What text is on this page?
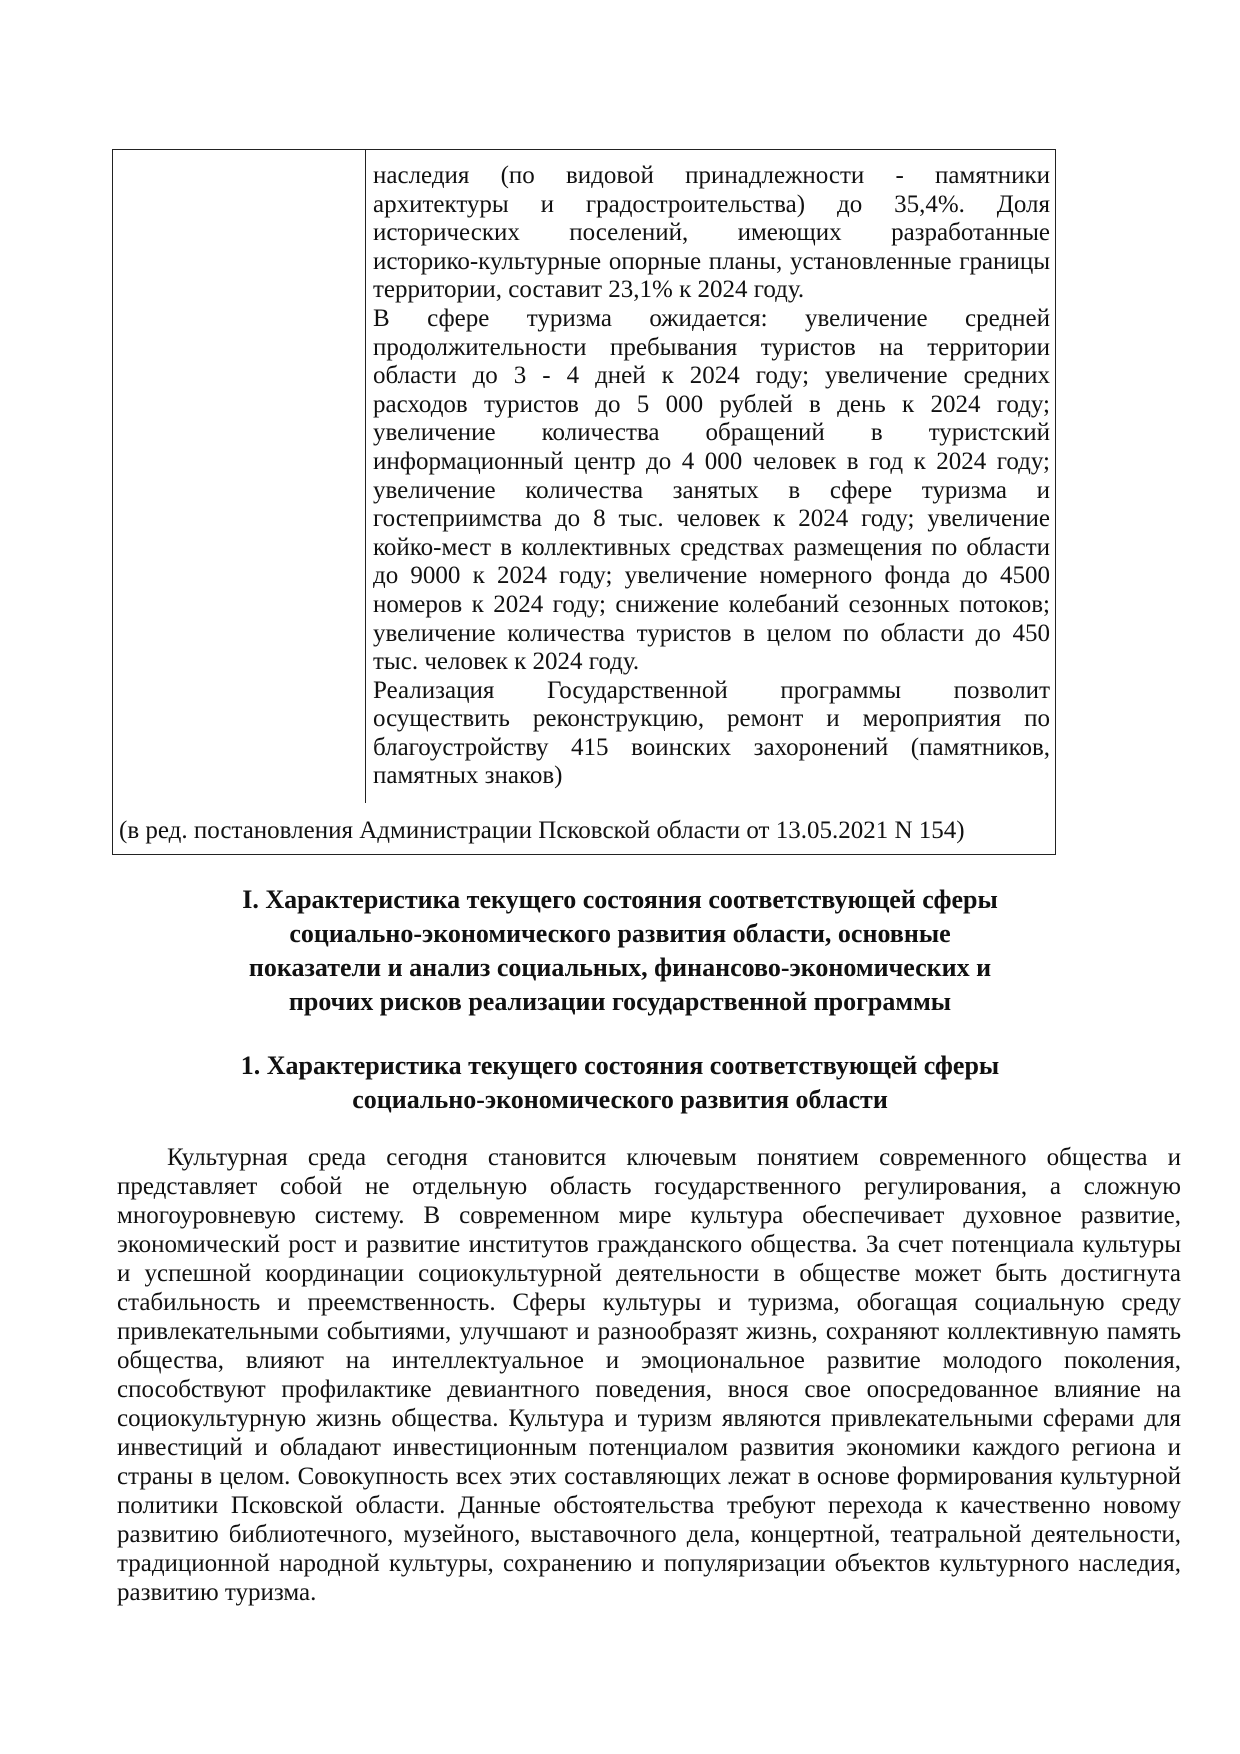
наследия (по видовой принадлежности - памятники
архитектуры и градостроительства) до 35,4%. Доля
исторических поселений, имеющих разработанные
историко-культурные опорные планы, установленные границы
территории, составит 23,1% к 2024 году.
В сфере туризма ожидается: увеличение средней
продолжительности пребывания туристов на территории
области до 3 - 4 дней к 2024 году; увеличение средних
расходов туристов до 5 000 рублей в день к 2024 году;
увеличение количества обращений в туристский
информационный центр до 4 000 человек в год к 2024 году;
увеличение количества занятых в сфере туризма и
гостеприимства до 8 тыс. человек к 2024 году; увеличение
койко-мест в коллективных средствах размещения по области
до 9000 к 2024 году; увеличение номерного фонда до 4500
номеров к 2024 году; снижение колебаний сезонных потоков;
увеличение количества туристов в целом по области до 450
тыс. человек к 2024 году.
Реализация Государственной программы позволит
осуществить реконструкцию, ремонт и мероприятия по
благоустройству 415 воинских захоронений (памятников,
памятных знаков)
(в ред. постановления Администрации Псковской области от 13.05.2021 N 154)
I. Характеристика текущего состояния соответствующей сферы
социально-экономического развития области, основные
показатели и анализ социальных, финансово-экономических и
прочих рисков реализации государственной программы
1. Характеристика текущего состояния соответствующей сферы
социально-экономического развития области
Культурная среда сегодня становится ключевым понятием современного общества и
представляет собой не отдельную область государственного регулирования, а сложную
многоуровневую систему. В современном мире культура обеспечивает духовное развитие,
экономический рост и развитие институтов гражданского общества. За счет потенциала культуры
и успешной координации социокультурной деятельности в обществе может быть достигнута
стабильность и преемственность. Сферы культуры и туризма, обогащая социальную среду
привлекательными событиями, улучшают и разнообразят жизнь, сохраняют коллективную память
общества, влияют на интеллектуальное и эмоциональное развитие молодого поколения,
способствуют профилактике девиантного поведения, внося свое опосредованное влияние на
социокультурную жизнь общества. Культура и туризм являются привлекательными сферами для
инвестиций и обладают инвестиционным потенциалом развития экономики каждого региона и
страны в целом. Совокупность всех этих составляющих лежат в основе формирования культурной
политики Псковской области. Данные обстоятельства требуют перехода к качественно новому
развитию библиотечного, музейного, выставочного дела, концертной, театральной деятельности,
традиционной народной культуры, сохранению и популяризации объектов культурного наследия,
развитию туризма.
